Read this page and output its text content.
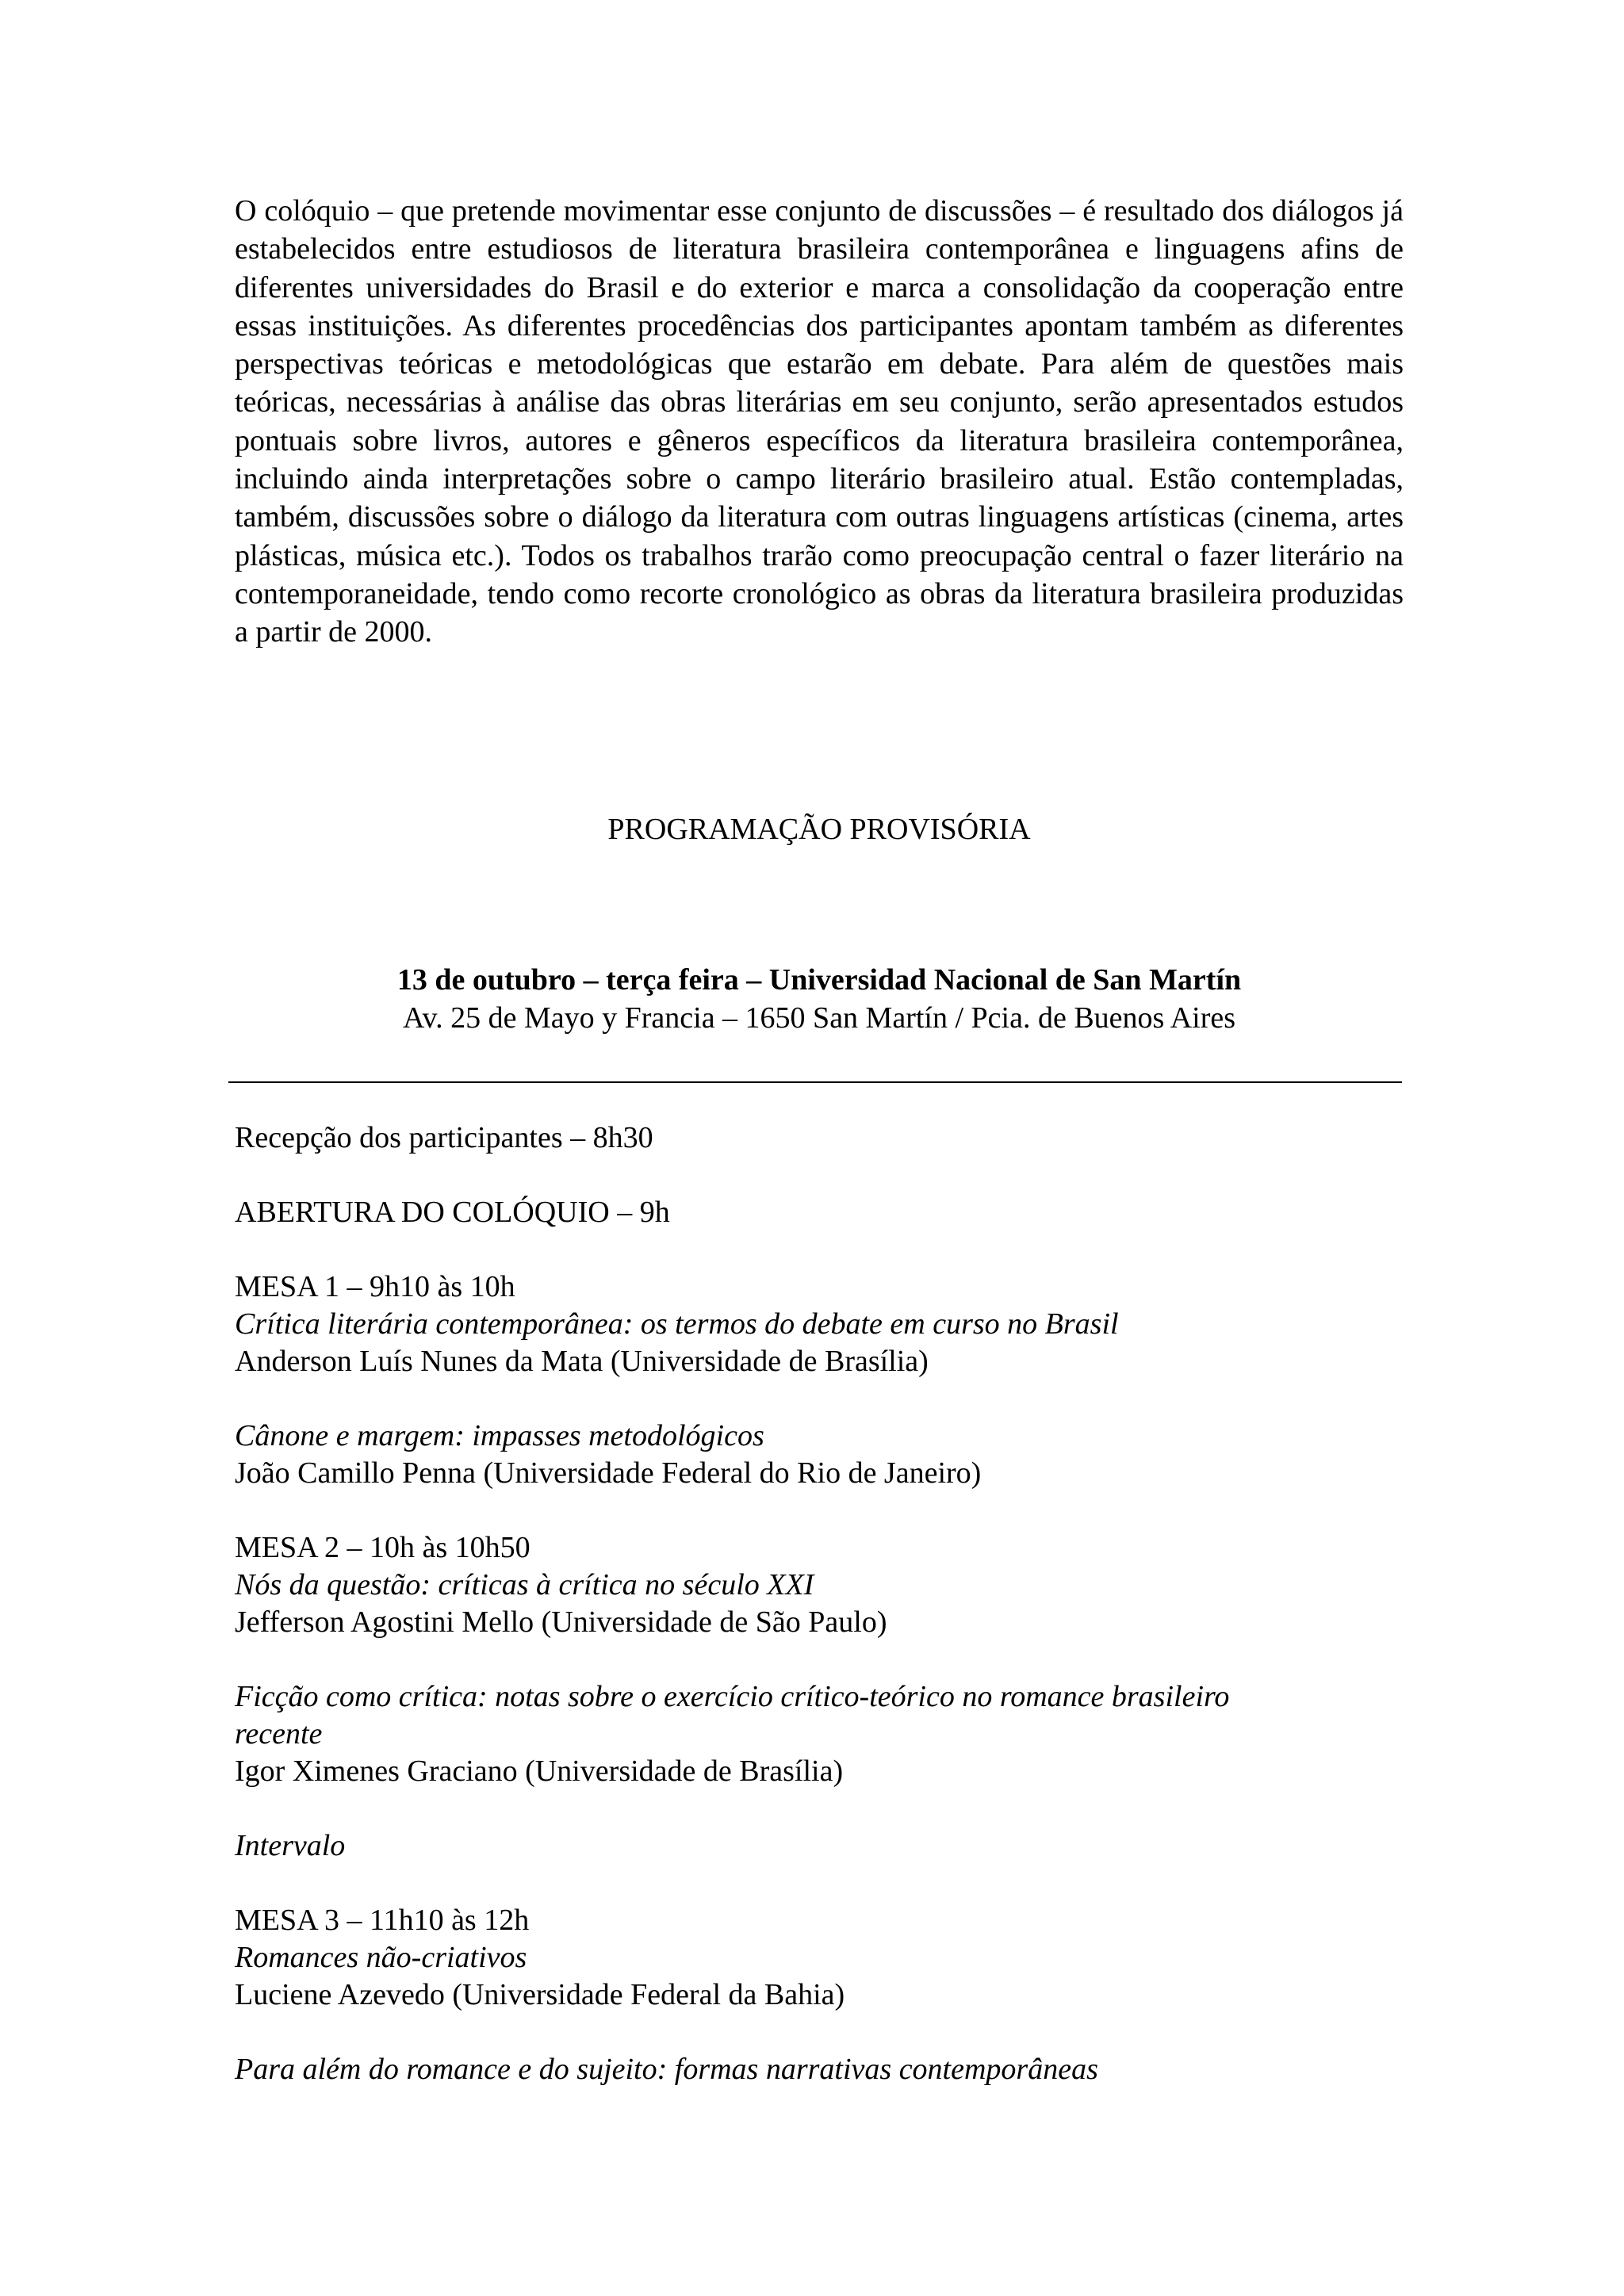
O colóquio – que pretende movimentar esse conjunto de discussões – é resultado dos diálogos já estabelecidos entre estudiosos de literatura brasileira contemporânea e linguagens afins de diferentes universidades do Brasil e do exterior e marca a consolidação da cooperação entre essas instituições. As diferentes procedências dos participantes apontam também as diferentes perspectivas teóricas e metodológicas que estarão em debate. Para além de questões mais teóricas, necessárias à análise das obras literárias em seu conjunto, serão apresentados estudos pontuais sobre livros, autores e gêneros específicos da literatura brasileira contemporânea, incluindo ainda interpretações sobre o campo literário brasileiro atual. Estão contempladas, também, discussões sobre o diálogo da literatura com outras linguagens artísticas (cinema, artes plásticas, música etc.). Todos os trabalhos trarão como preocupação central o fazer literário na contemporaneidade, tendo como recorte cronológico as obras da literatura brasileira produzidas a partir de 2000.

PROGRAMAÇÃO PROVISÓRIA
13 de outubro – terça feira – Universidad Nacional de San Martín
Av. 25 de Mayo y Francia – 1650 San Martín / Pcia. de Buenos Aires
Recepção dos participantes – 8h30
ABERTURA DO COLÓQUIO – 9h
MESA 1 – 9h10 às 10h
Crítica literária contemporânea: os termos do debate em curso no Brasil
Anderson Luís Nunes da Mata (Universidade de Brasília)
Cânone e margem: impasses metodológicos
João Camillo Penna (Universidade Federal do Rio de Janeiro)
MESA 2 – 10h às 10h50
Nós da questão: críticas à crítica no século XXI
Jefferson Agostini Mello (Universidade de São Paulo)
Ficção como crítica: notas sobre o exercício crítico-teórico no romance brasileiro
recente
Igor Ximenes Graciano (Universidade de Brasília)
Intervalo
MESA 3 – 11h10 às 12h
Romances não-criativos
Luciene Azevedo (Universidade Federal da Bahia)
Para além do romance e do sujeito: formas narrativas contemporâneas
